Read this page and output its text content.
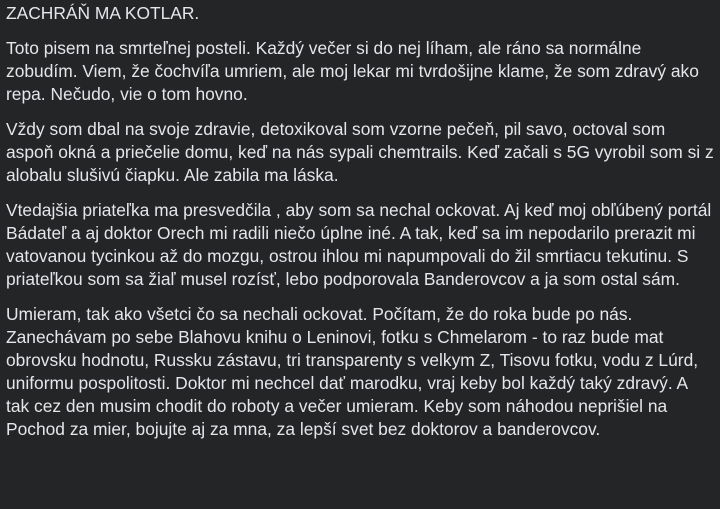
ZACHRÁŇ MA KOTLAR.
Toto pisem na smrteľnej posteli. Každý večer si do nej líham, ale ráno sa normálne zobudím. Viem, že čochvíľa umriem, ale moj lekar mi tvrdošijne klame, že som zdravý ako repa. Nečudo, vie o tom hovno.
Vždy som dbal na svoje zdravie, detoxikoval som vzorne pečeň, pil savo, octoval som aspoň okná a priečelie domu, keď na nás sypali chemtrails. Keď začali s 5G vyrobil som si z alobalu slušivú čiapku. Ale zabila ma láska.
Vtedajšia priateľka ma presvedčila , aby som sa nechal ockovat. Aj keď moj obľúbený portál Bádateľ a aj doktor Orech mi radili niečo úplne iné. A tak, keď sa im nepodarilo prerazit mi vatovanou tycinkou až do mozgu, ostrou ihlou mi napumpovali do žil smrtiacu tekutinu. S priateľkou som sa žiaľ musel rozísť, lebo podporovala Banderovcov a ja som ostal sám.
Umieram, tak ako všetci čo sa nechali ockovat. Počítam, že do roka bude po nás. Zanechávam po sebe Blahovu knihu o Leninovi, fotku s Chmelarom - to raz bude mat obrovsku hodnotu, Russku zástavu, tri transparenty s velkym Z, Tisovu fotku, vodu z Lúrd, uniformu pospolitosti. Doktor mi nechcel dať marodku, vraj keby bol každý taký zdravý. A tak cez den musim chodit do roboty a večer umieram. Keby som náhodou neprišiel na Pochod za mier, bojujte aj za mna, za lepší svet bez doktorov a banderovcov.
